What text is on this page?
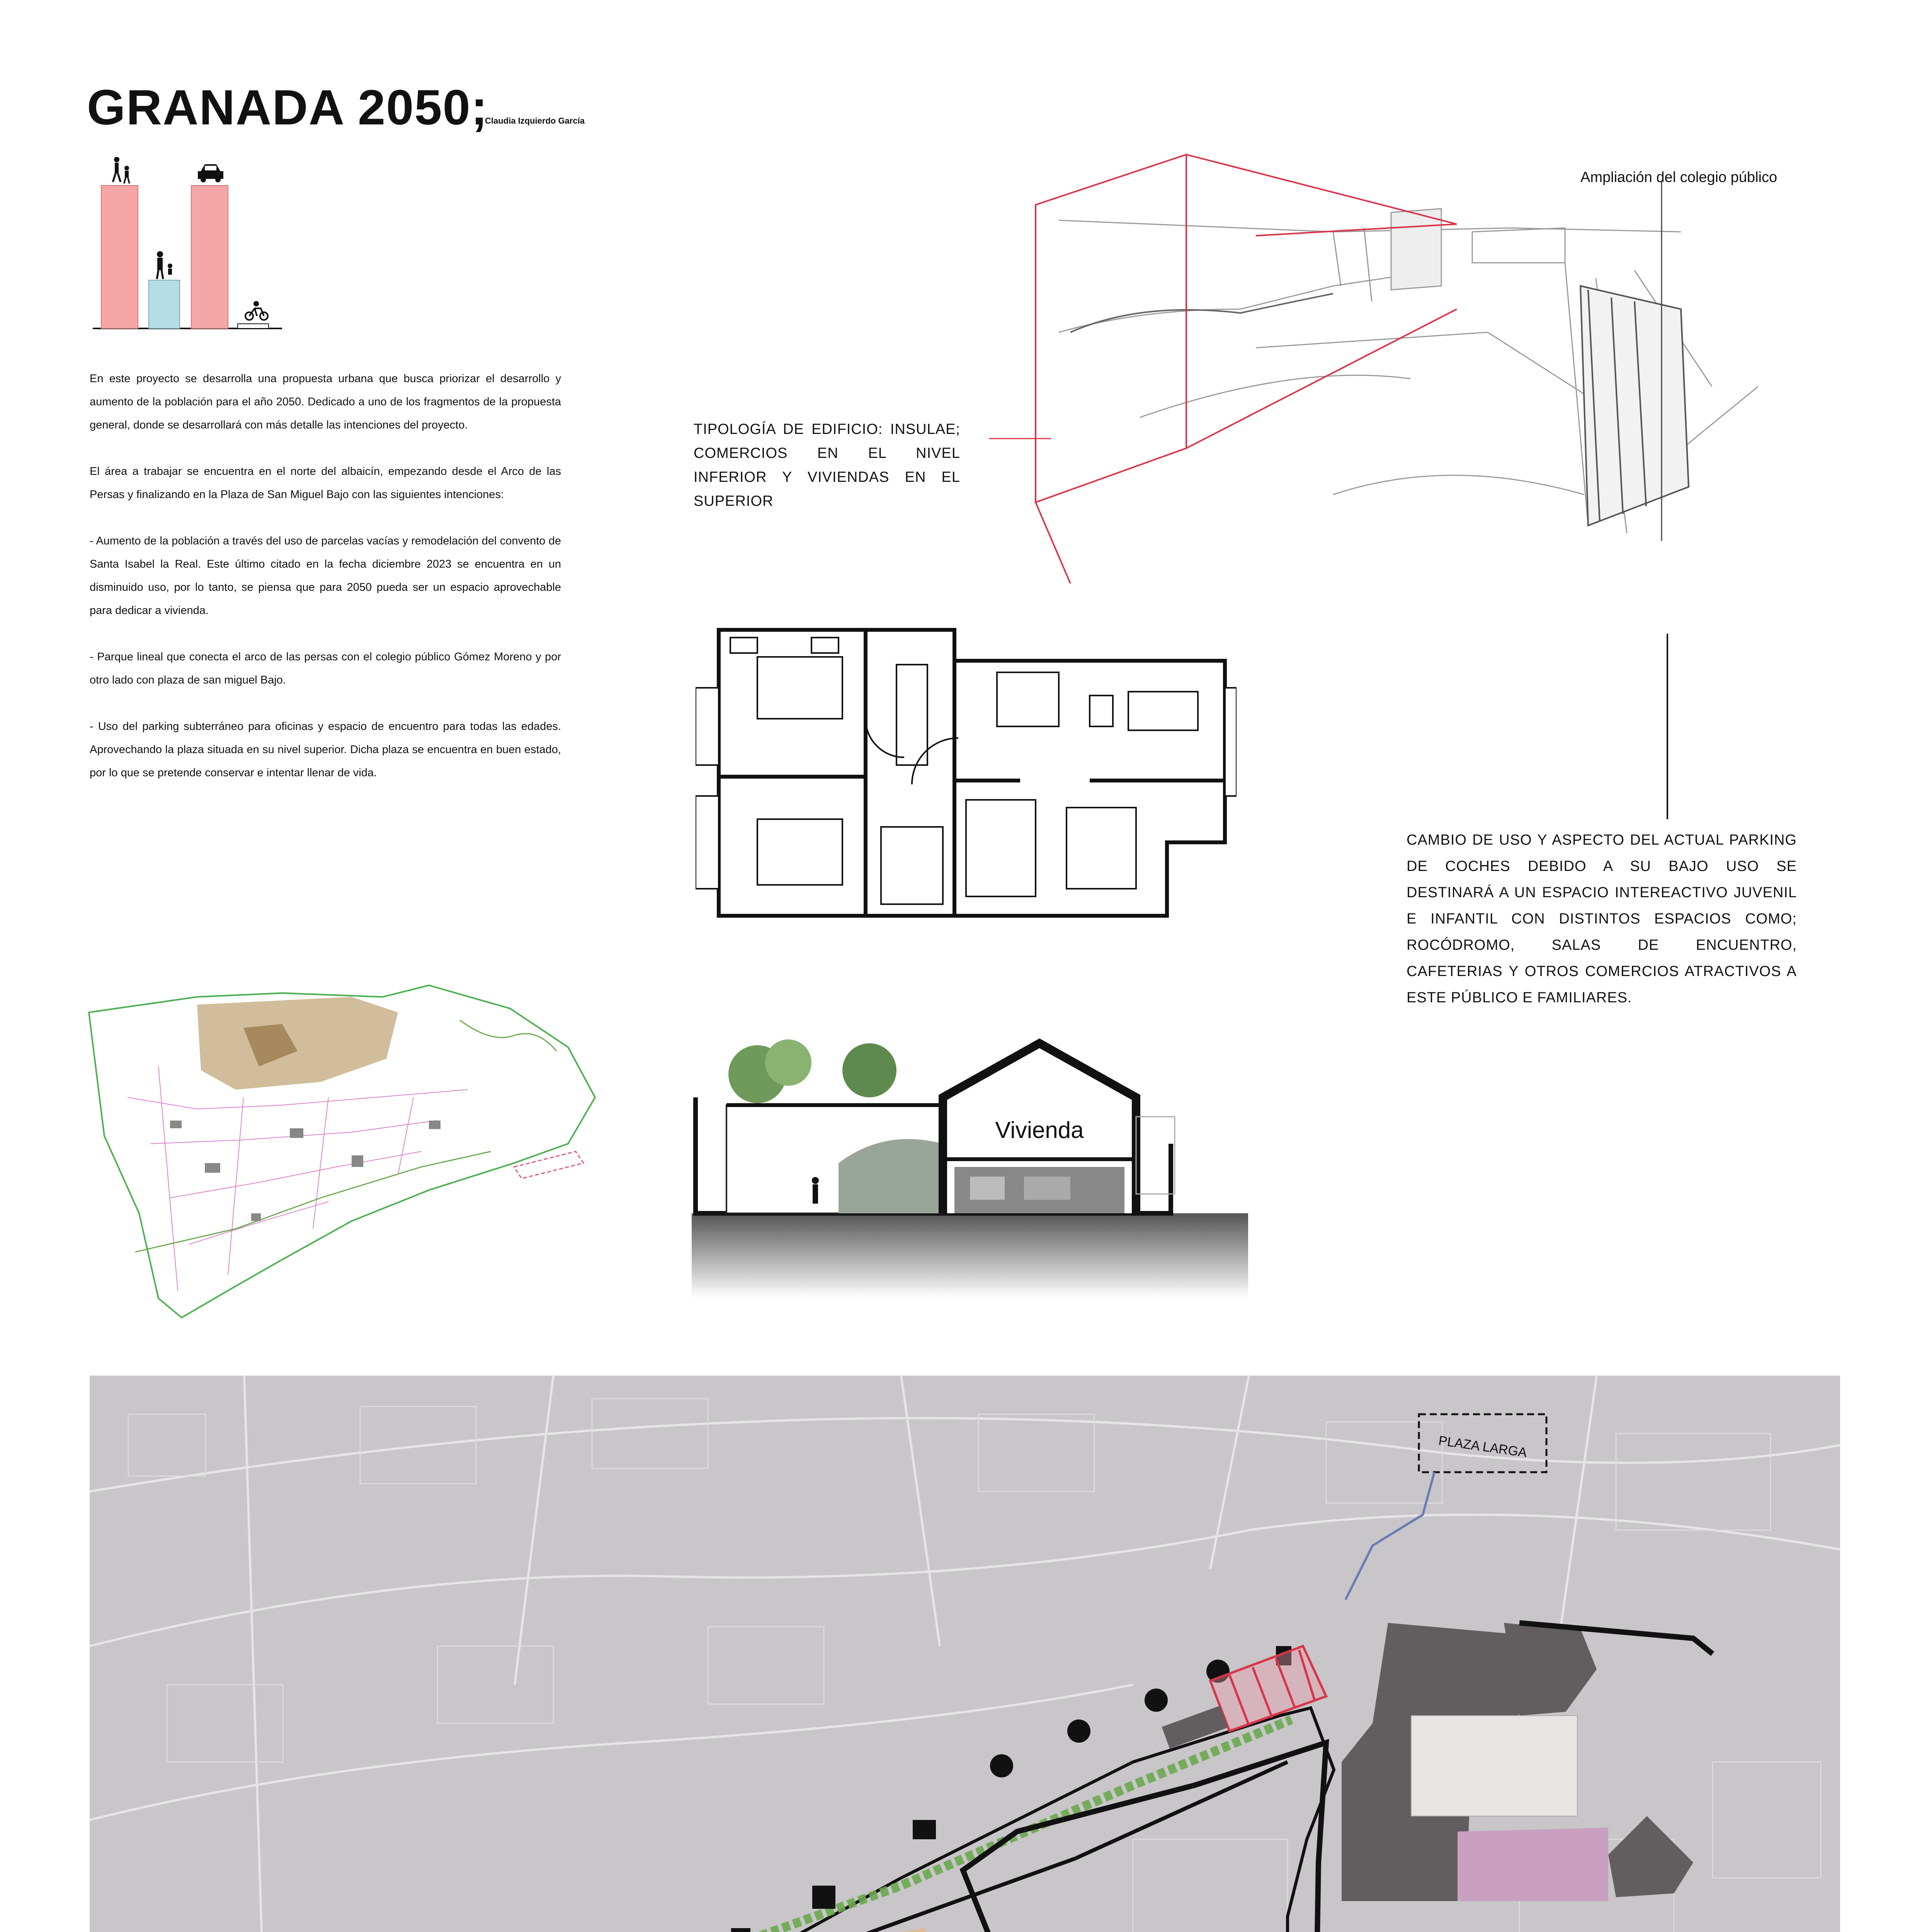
GRANADA 2050;
Claudia Izquierdo García

En este proyecto se desarrolla una propuesta urbana que busca priorizar el desarrollo y aumento de la población para el año 2050. Dedicado a uno de los fragmentos de la propuesta general, donde se desarrollará con más detalle las intenciones del proyecto.

El área a trabajar se encuentra en el norte del albaicín, empezando desde el Arco de las Persas y finalizando en la Plaza de San Miguel Bajo con las siguientes intenciones:

- Aumento de la población a través del uso de parcelas vacías y remodelación del convento de Santa Isabel la Real. Este último citado en la fecha diciembre 2023 se encuentra en un disminuido uso, por lo tanto, se piensa que para 2050 pueda ser un espacio aprovechable para dedicar a vivienda.

- Parque lineal que conecta el arco de las persas con el colegio público Gómez Moreno y por otro lado con plaza de san miguel Bajo.

- Uso del parking subterráneo para oficinas y espacio de encuentro para todas las edades. Aprovechando la plaza situada en su nivel superior. Dicha plaza se encuentra en buen estado, por lo que se pretende conservar e intentar llenar de vida.

Ampliación del colegio público
TIPOLOGÍA DE EDIFICIO: INSULAE; COMERCIOS EN EL NIVEL INFERIOR Y VIVIENDAS EN EL SUPERIOR
CAMBIO DE USO Y ASPECTO DEL ACTUAL PARKING DE COCHES DEBIDO A SU BAJO USO SE DESTINARÁ A UN ESPACIO INTEREACTIVO JUVENIL E INFANTIL CON DISTINTOS ESPACIOS COMO; ROCÓDROMO, SALAS DE ENCUENTRO, CAFETERIAS Y OTROS COMERCIOS ATRACTIVOS A ESTE PÚBLICO E FAMILIARES.
Vivienda
PLAZA LARGA
